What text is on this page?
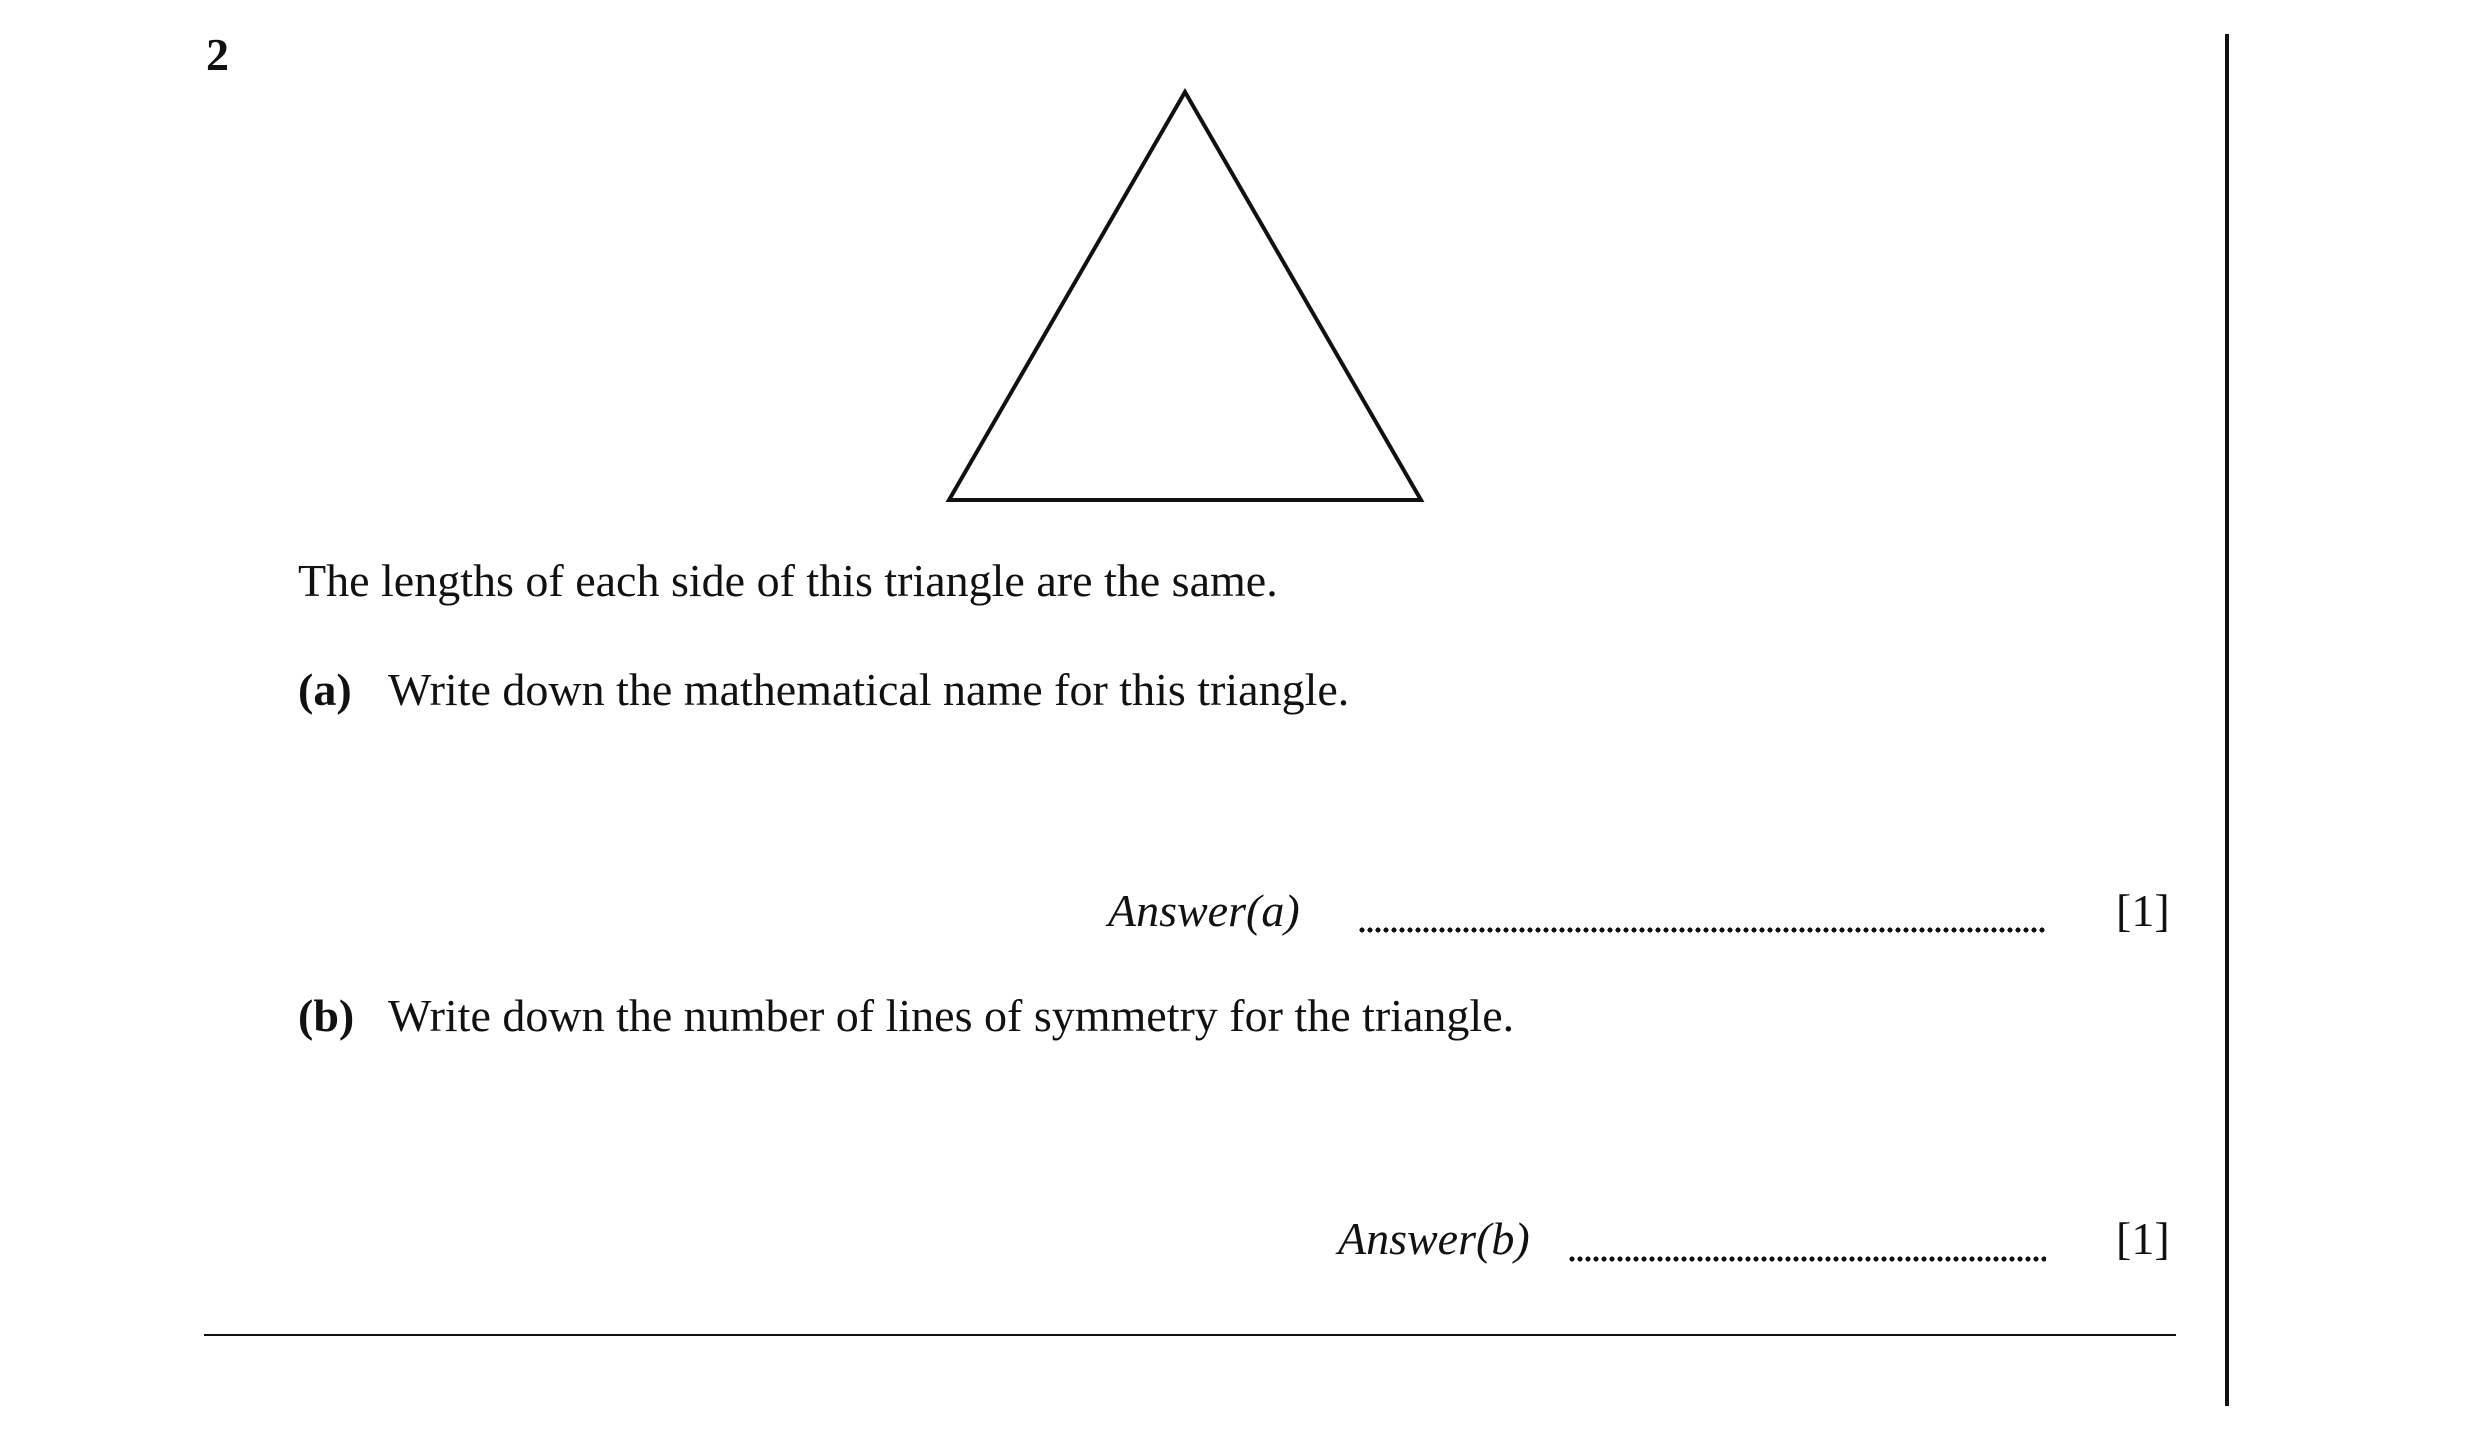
2
The lengths of each side of this triangle are the same.
(a) Write down the mathematical name for this triangle.
Answer(a)	[1]
(b) Write down the number of lines of symmetry for the triangle.
Answer(b)	[1]
